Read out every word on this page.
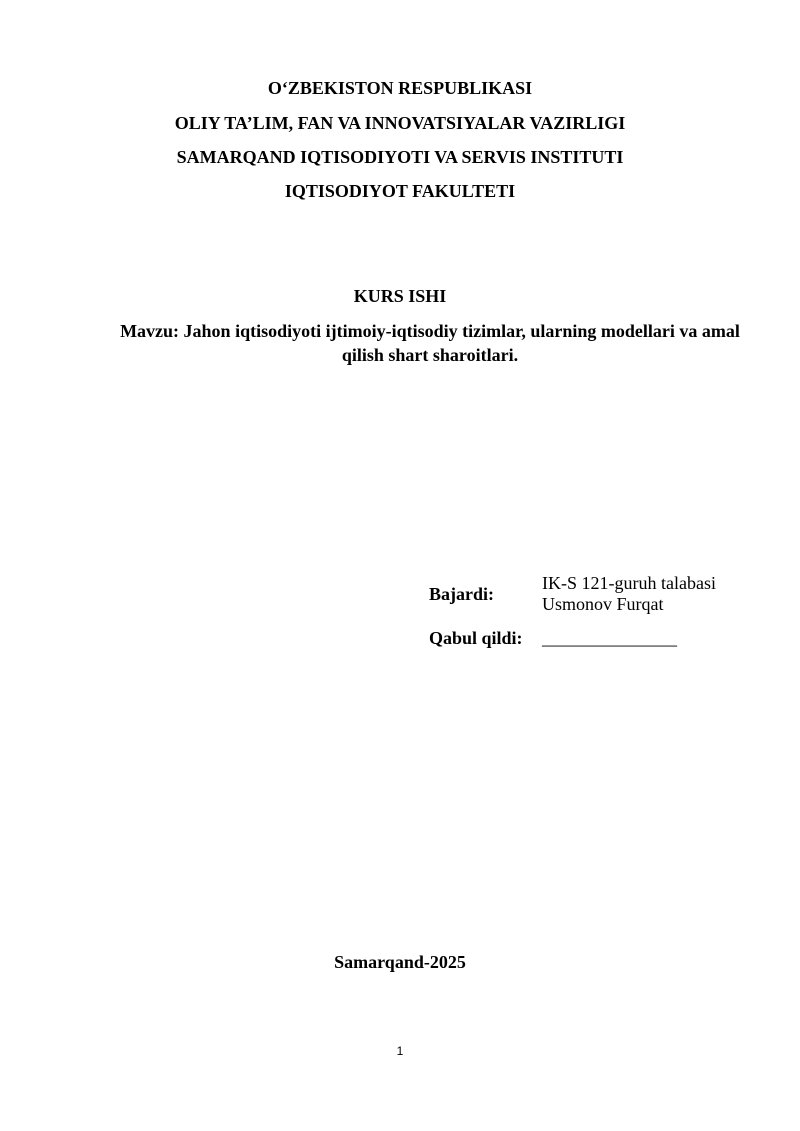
O‘ZBEKISTON RESPUBLIKASI
OLIY TA’LIM, FAN VA INNOVATSIYALAR VAZIRLIGI
SAMARQAND IQTISODIYOTI VA SERVIS INSTITUTI
IQTISODIYOT FAKULTETI
KURS ISHI
Mavzu: Jahon iqtisodiyoti ijtimoiy-iqtisodiy tizimlar, ularning modellari va amal qilish shart sharoitlari.
Bajardi:	IK-S 121-guruh talabasi
Usmonov Furqat

Qabul qildi:	_______________
Samarqand-2025
1
